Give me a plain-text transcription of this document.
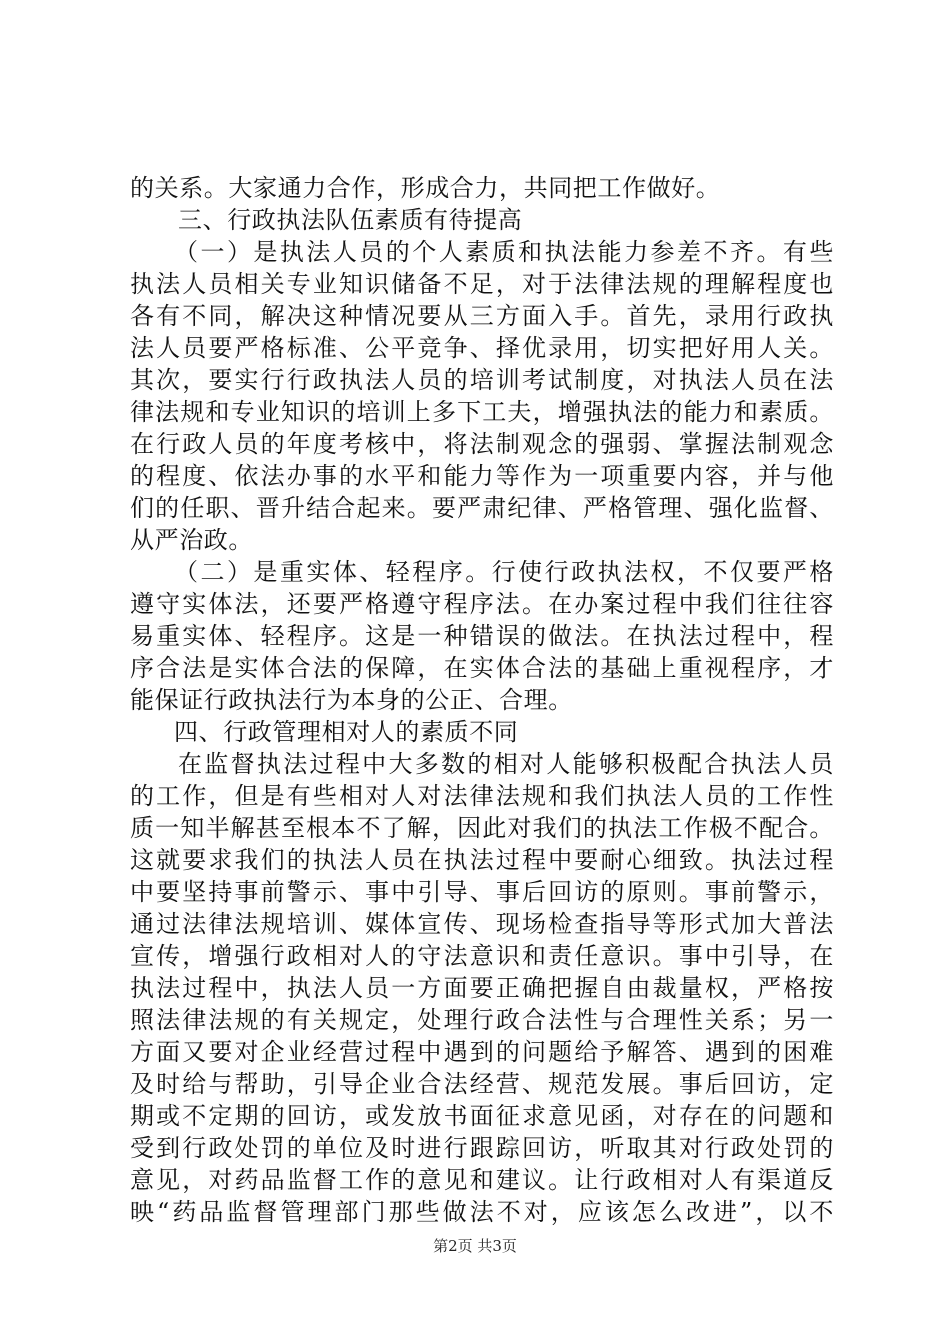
的关系。大家通力合作，形成合力，共同把工作做好。
三、行政执法队伍素质有待提高
（一）是执法人员的个人素质和执法能力参差不齐。有些
执法人员相关专业知识储备不足，对于法律法规的理解程度也
各有不同，解决这种情况要从三方面入手。首先，录用行政执
法人员要严格标准、公平竞争、择优录用，切实把好用人关。
其次，要实行行政执法人员的培训考试制度，对执法人员在法
律法规和专业知识的培训上多下工夫，增强执法的能力和素质。
在行政人员的年度考核中，将法制观念的强弱、掌握法制观念
的程度、依法办事的水平和能力等作为一项重要内容，并与他
们的任职、晋升结合起来。要严肃纪律、严格管理、强化监督、
从严治政。
（二）是重实体、轻程序。行使行政执法权，不仅要严格
遵守实体法，还要严格遵守程序法。在办案过程中我们往往容
易重实体、轻程序。这是一种错误的做法。在执法过程中，程
序合法是实体合法的保障，在实体合法的基础上重视程序，才
能保证行政执法行为本身的公正、合理。
四、行政管理相对人的素质不同
在监督执法过程中大多数的相对人能够积极配合执法人员
的工作，但是有些相对人对法律法规和我们执法人员的工作性
质一知半解甚至根本不了解，因此对我们的执法工作极不配合。
这就要求我们的执法人员在执法过程中要耐心细致。执法过程
中要坚持事前警示、事中引导、事后回访的原则。事前警示，
通过法律法规培训、媒体宣传、现场检查指导等形式加大普法
宣传，增强行政相对人的守法意识和责任意识。事中引导，在
执法过程中，执法人员一方面要正确把握自由裁量权，严格按
照法律法规的有关规定，处理行政合法性与合理性关系；另一
方面又要对企业经营过程中遇到的问题给予解答、遇到的困难
及时给与帮助，引导企业合法经营、规范发展。事后回访，定
期或不定期的回访，或发放书面征求意见函，对存在的问题和
受到行政处罚的单位及时进行跟踪回访，听取其对行政处罚的
意见，对药品监督工作的意见和建议。让行政相对人有渠道反
映“药品监督管理部门那些做法不对，应该怎么改进”，以不
第2页 共3页
